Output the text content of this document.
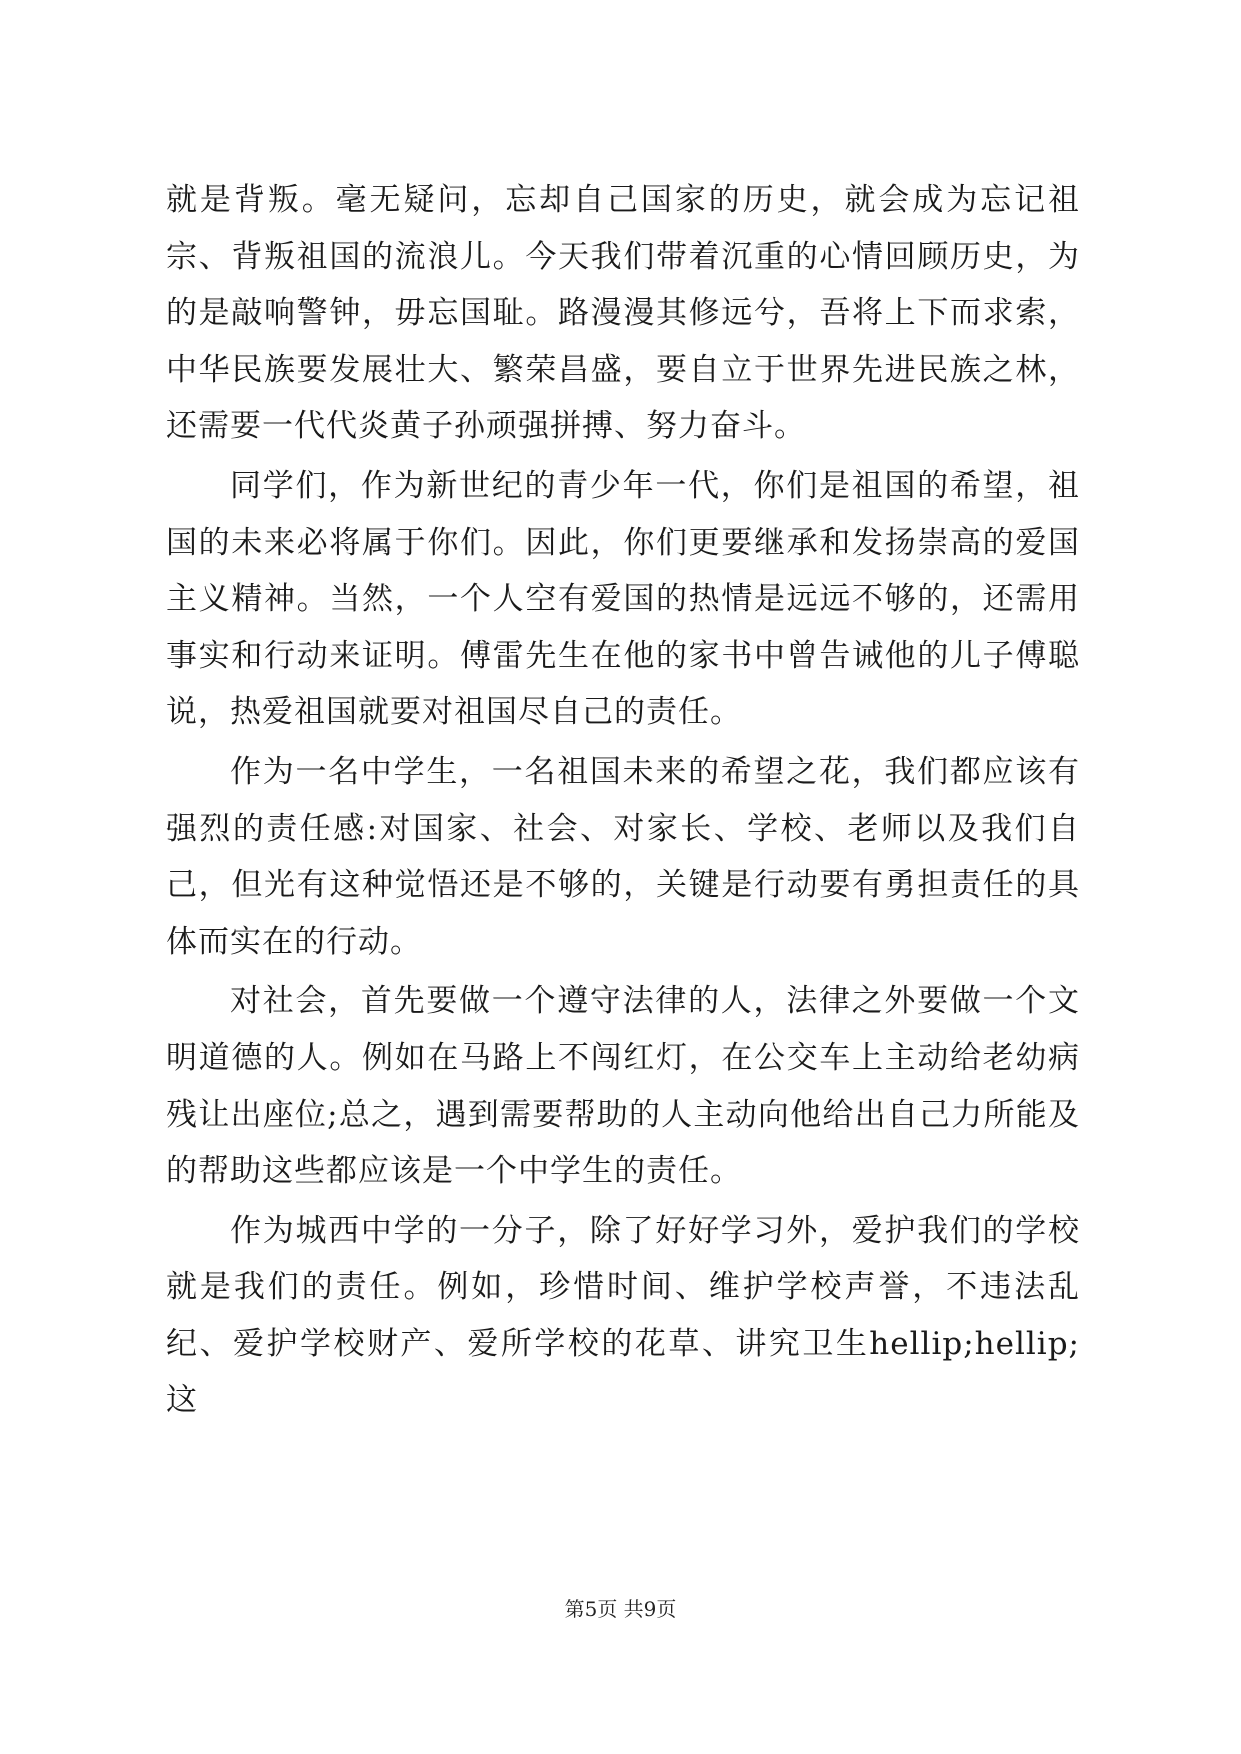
就是背叛。毫无疑问，忘却自己国家的历史，就会成为忘记祖宗、背叛祖国的流浪儿。今天我们带着沉重的心情回顾历史，为的是敲响警钟，毋忘国耻。路漫漫其修远兮，吾将上下而求索，中华民族要发展壮大、繁荣昌盛，要自立于世界先进民族之林，还需要一代代炎黄子孙顽强拼搏、努力奋斗。

同学们，作为新世纪的青少年一代，你们是祖国的希望，祖国的未来必将属于你们。因此，你们更要继承和发扬崇高的爱国主义精神。当然，一个人空有爱国的热情是远远不够的，还需用事实和行动来证明。傅雷先生在他的家书中曾告诫他的儿子傅聪说，热爱祖国就要对祖国尽自己的责任。

作为一名中学生，一名祖国未来的希望之花，我们都应该有强烈的责任感:对国家、社会、对家长、学校、老师以及我们自己，但光有这种觉悟还是不够的，关键是行动要有勇担责任的具体而实在的行动。

对社会，首先要做一个遵守法律的人，法律之外要做一个文明道德的人。例如在马路上不闯红灯，在公交车上主动给老幼病残让出座位;总之，遇到需要帮助的人主动向他给出自己力所能及的帮助这些都应该是一个中学生的责任。

作为城西中学的一分子，除了好好学习外，爱护我们的学校就是我们的责任。例如，珍惜时间、维护学校声誉，不违法乱纪、爱护学校财产、爱所学校的花草、讲究卫生hellip;hellip;这

第5页 共9页
